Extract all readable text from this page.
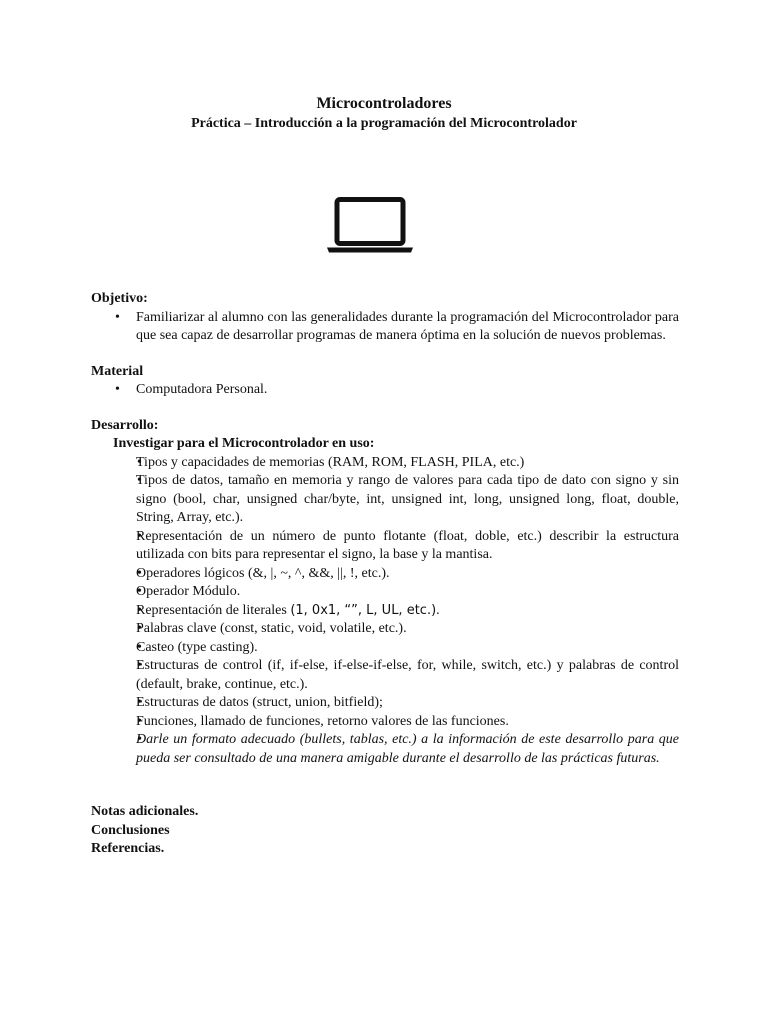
Microcontroladores
Práctica – Introducción a la programación del Microcontrolador

Objetivo:

• Familiarizar al alumno con las generalidades durante la programación del Microcontrolador para que sea capaz de desarrollar programas de manera óptima en la solución de nuevos problemas.

Material

• Computadora Personal.

Desarrollo:

Investigar para el Microcontrolador en uso:

• Tipos y capacidades de memorias (RAM, ROM, FLASH, PILA, etc.)
• Tipos de datos, tamaño en memoria y rango de valores para cada tipo de dato con signo y sin signo (bool, char, unsigned char/byte, int, unsigned int, long, unsigned long, float, double, String, Array, etc.).
• Representación de un número de punto flotante (float, doble, etc.) describir la estructura utilizada con bits para representar el signo, la base y la mantisa.
• Operadores lógicos (&, |, ~, ^, &&, ||, !, etc.).
• Operador Módulo.
• Representación de literales (1, 0x1, “”, L, UL, etc.).
• Palabras clave (const, static, void, volatile, etc.).
• Casteo (type casting).
• Estructuras de control (if, if-else, if-else-if-else, for, while, switch, etc.) y palabras de control (default, brake, continue, etc.).
• Estructuras de datos (struct, union, bitfield);
• Funciones, llamado de funciones, retorno valores de las funciones.
• Darle un formato adecuado (bullets, tablas, etc.) a la información de este desarrollo para que pueda ser consultado de una manera amigable durante el desarrollo de las prácticas futuras.

Notas adicionales.

Conclusiones

Referencias.
